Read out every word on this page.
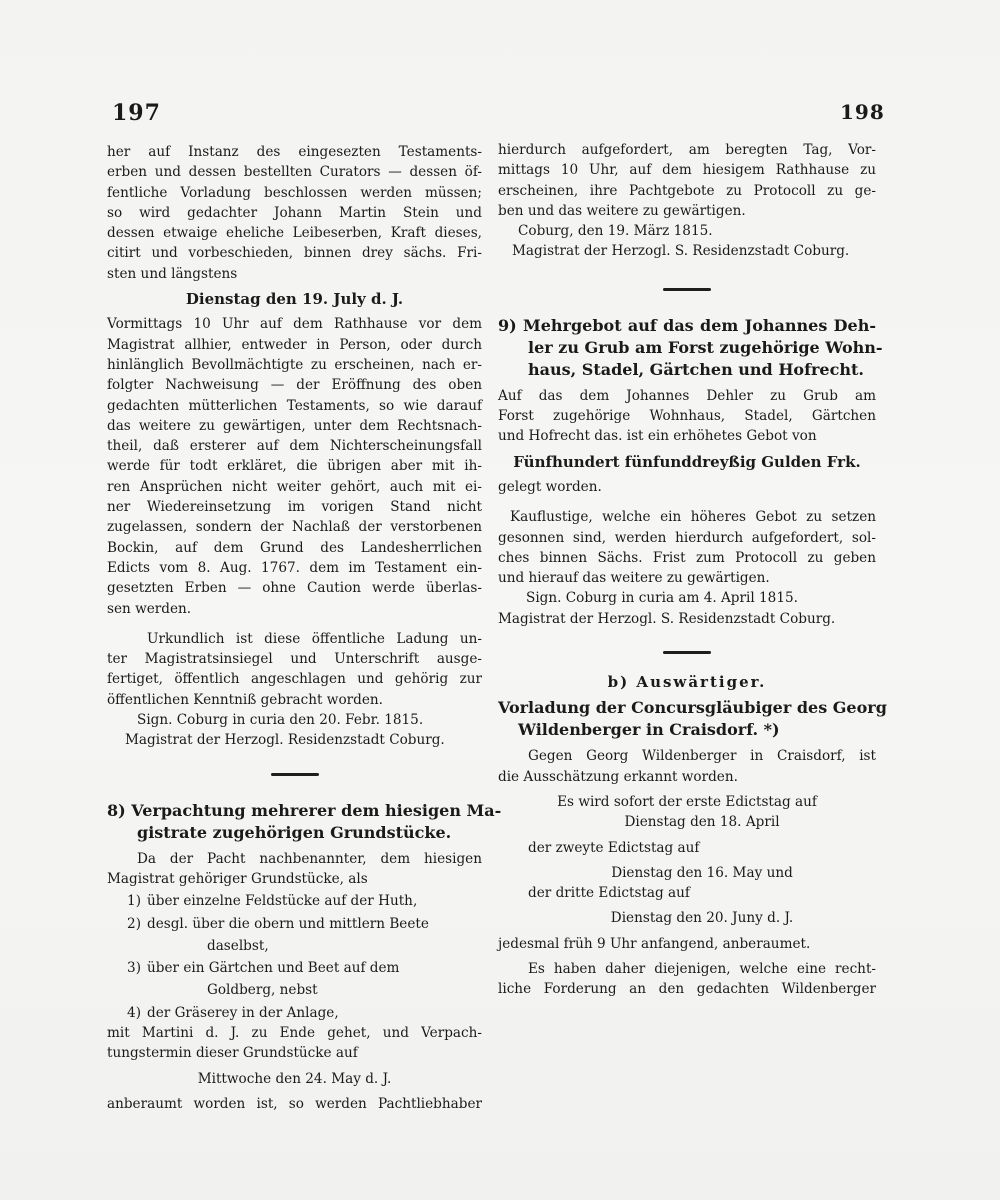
197	198
her auf Instanz des eingesezten Testaments-
erben und dessen bestellten Curators — dessen öf-
fentliche Vorladung beschlossen werden müssen;
so wird gedachter Johann Martin Stein und
dessen etwaige eheliche Leibeserben, Kraft dieses,
citirt und vorbeschieden, binnen drey sächs. Fri-
sten und längstens
Dienstag den 19. July d. J.
Vormittags 10 Uhr auf dem Rathhause vor dem
Magistrat allhier, entweder in Person, oder durch
hinlänglich Bevollmächtigte zu erscheinen, nach er-
folgter Nachweisung — der Eröffnung des oben
gedachten mütterlichen Testaments, so wie darauf
das weitere zu gewärtigen, unter dem Rechtsnach-
theil, daß ersterer auf dem Nichterscheinungsfall
werde für todt erkläret, die übrigen aber mit ih-
ren Ansprüchen nicht weiter gehört, auch mit ei-
ner Wiedereinsetzung im vorigen Stand nicht
zugelassen, sondern der Nachlaß der verstorbenen
Bockin, auf dem Grund des Landesherrlichen
Edicts vom 8. Aug. 1767. dem im Testament ein-
gesetzten Erben — ohne Caution werde überlas-
sen werden.
Urkundlich ist diese öffentliche Ladung un-
ter Magistratsinsiegel und Unterschrift ausge-
fertiget, öffentlich angeschlagen und gehörig zur
öffentlichen Kenntniß gebracht worden.
Sign. Coburg in curia den 20. Febr. 1815.
Magistrat der Herzogl. Residenzstadt Coburg.
8) Verpachtung mehrerer dem hiesigen Ma-
gistrate zugehörigen Grundstücke.
Da der Pacht nachbenannter, dem hiesigen
Magistrat gehöriger Grundstücke, als
1) über einzelne Feldstücke auf der Huth,
2) desgl. über die obern und mittlern Beete
daselbst,
3) über ein Gärtchen und Beet auf dem
Goldberg, nebst
4) der Gräserey in der Anlage,
mit Martini d. J. zu Ende gehet, und Verpach-
tungstermin dieser Grundstücke auf
Mittwoche den 24. May d. J.
anberaumt worden ist, so werden Pachtliebhaber
hierdurch aufgefordert, am beregten Tag, Vor-
mittags 10 Uhr, auf dem hiesigem Rathhause zu
erscheinen, ihre Pachtgebote zu Protocoll zu ge-
ben und das weitere zu gewärtigen.
Coburg, den 19. März 1815.
Magistrat der Herzogl. S. Residenzstadt Coburg.
9) Mehrgebot auf das dem Johannes Deh-
ler zu Grub am Forst zugehörige Wohn-
haus, Stadel, Gärtchen und Hofrecht.
Auf das dem Johannes Dehler zu Grub am
Forst zugehörige Wohnhaus, Stadel, Gärtchen
und Hofrecht das. ist ein erhöhetes Gebot von
Fünfhundert fünfunddreyßig Gulden Frk.
gelegt worden.
Kauflustige, welche ein höheres Gebot zu setzen
gesonnen sind, werden hierdurch aufgefordert, sol-
ches binnen Sächs. Frist zum Protocoll zu geben
und hierauf das weitere zu gewärtigen.
Sign. Coburg in curia am 4. April 1815.
Magistrat der Herzogl. S. Residenzstadt Coburg.
b) Auswärtiger.
Vorladung der Concursgläubiger des Georg
Wildenberger in Craisdorf. *)
Gegen Georg Wildenberger in Craisdorf, ist
die Ausschätzung erkannt worden.
Es wird sofort der erste Edictstag auf
Dienstag den 18. April
der zweyte Edictstag auf
Dienstag den 16. May und
der dritte Edictstag auf
Dienstag den 20. Juny d. J.
jedesmal früh 9 Uhr anfangend, anberaumet.
Es haben daher diejenigen, welche eine recht-
liche Forderung an den gedachten Wildenberger
